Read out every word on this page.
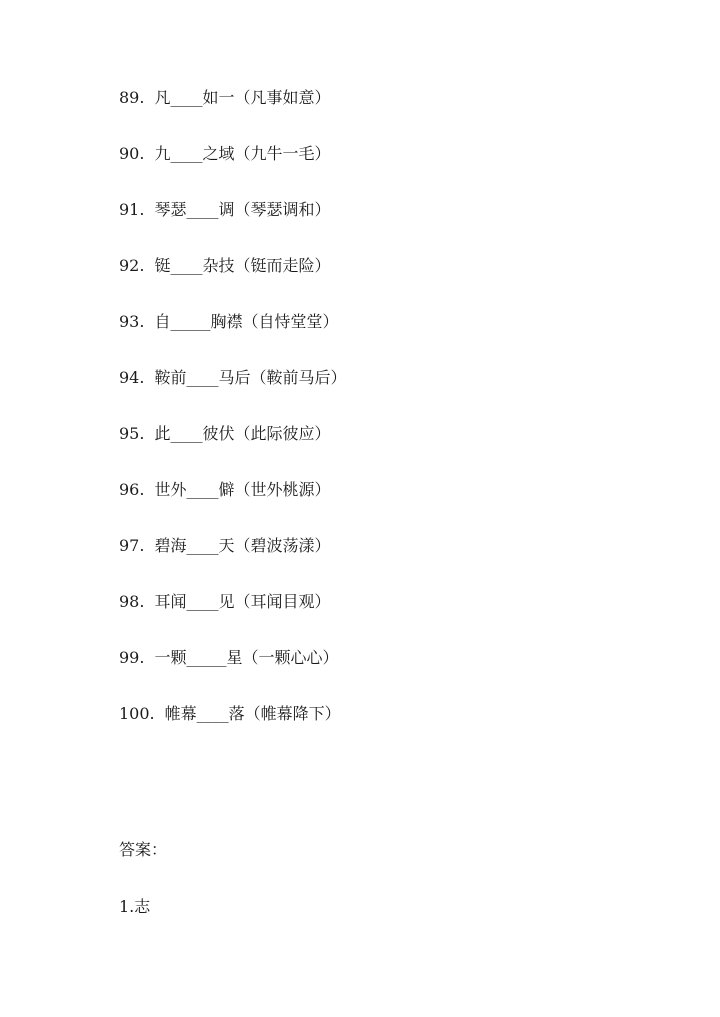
89. 凡____如一（凡事如意）
90. 九____之域（九牛一毛）
91. 琴瑟____调（琴瑟调和）
92. 铤____杂技（铤而走险）
93. 自_____胸襟（自恃堂堂）
94. 鞍前____马后（鞍前马后）
95. 此____彼伏（此际彼应）
96. 世外____僻（世外桃源）
97. 碧海____天（碧波荡漾）
98. 耳闻____见（耳闻目观）
99. 一颗_____星（一颗心心）
100. 帷幕____落（帷幕降下）
答案：
1.志
